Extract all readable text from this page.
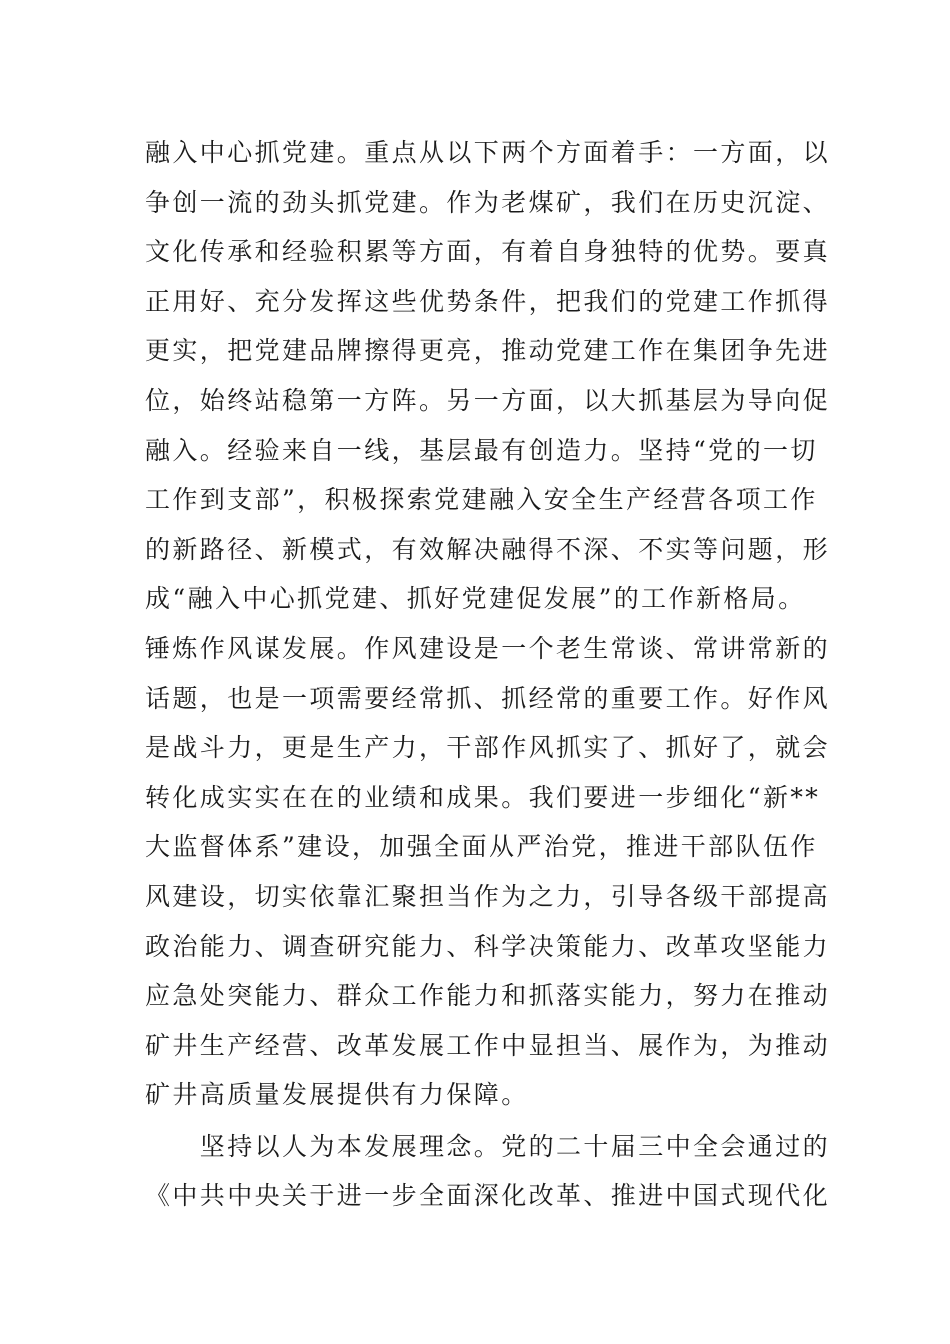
融入中心抓党建。重点从以下两个方面着手：一方面，以
争创一流的劲头抓党建。作为老煤矿，我们在历史沉淀、
文化传承和经验积累等方面，有着自身独特的优势。要真
正用好、充分发挥这些优势条件，把我们的党建工作抓得
更实，把党建品牌擦得更亮，推动党建工作在集团争先进
位，始终站稳第一方阵。另一方面，以大抓基层为导向促
融入。经验来自一线，基层最有创造力。坚持“党的一切
工作到支部”，积极探索党建融入安全生产经营各项工作
的新路径、新模式，有效解决融得不深、不实等问题，形
成“融入中心抓党建、抓好党建促发展”的工作新格局。
锤炼作风谋发展。作风建设是一个老生常谈、常讲常新的
话题，也是一项需要经常抓、抓经常的重要工作。好作风
是战斗力，更是生产力，干部作风抓实了、抓好了，就会
转化成实实在在的业绩和成果。我们要进一步细化“新**
大监督体系”建设，加强全面从严治党，推进干部队伍作
风建设，切实依靠汇聚担当作为之力，引导各级干部提高
政治能力、调查研究能力、科学决策能力、改革攻坚能力
应急处突能力、群众工作能力和抓落实能力，努力在推动
矿井生产经营、改革发展工作中显担当、展作为，为推动
矿井高质量发展提供有力保障。
　　坚持以人为本发展理念。党的二十届三中全会通过的
《中共中央关于进一步全面深化改革、推进中国式现代化
